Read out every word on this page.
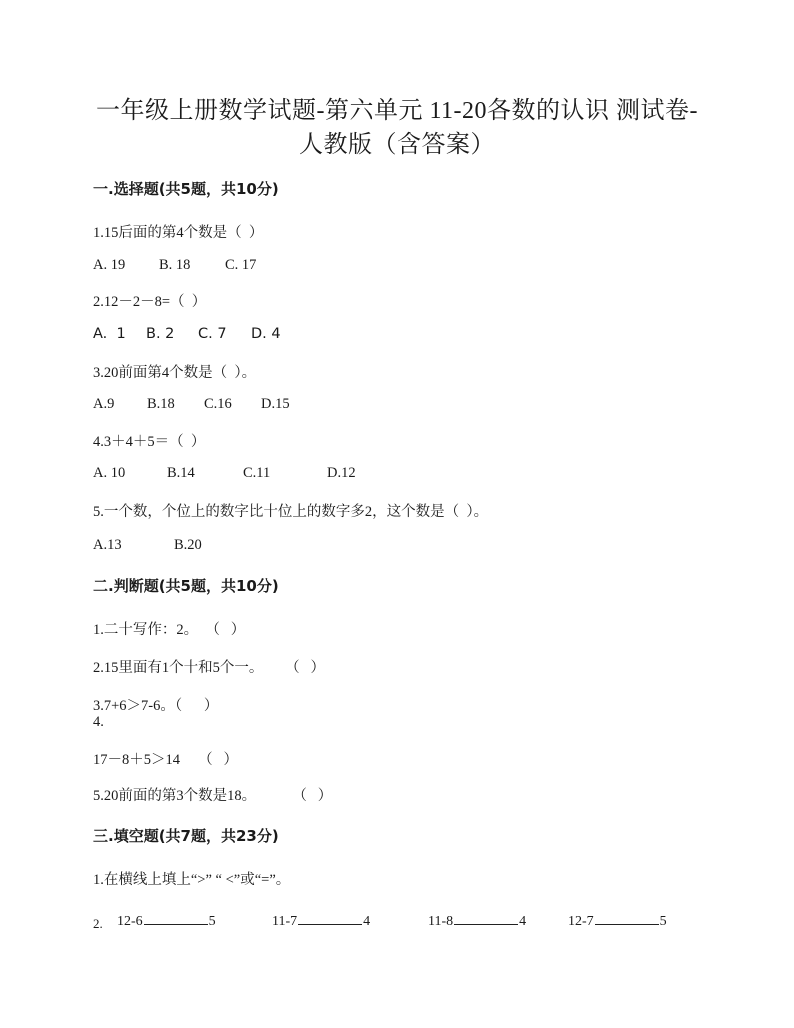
一年级上册数学试题-第六单元 11-20各数的认识 测试卷-
人教版（含答案）
一.选择题(共5题，共10分)
1.15后面的第4个数是（  ）
A. 19 B. 18 C. 17
2.12－2－8=（  ）
A.  1 B. 2 C. 7 D. 4
3.20前面第4个数是（  ）。
A.9 B.18 C.16 D.15
4.3＋4＋5＝（  ）
A. 10	B.14	C.11	D.12
5.一个数，个位上的数字比十位上的数字多2，这个数是（  ）。
A.13	B.20
二.判断题(共5题，共10分)
1.二十写作：2。  （   ）
2.15里面有1个十和5个一。      （   ）
3.7+6＞7-6。（      ）
4.
17－8＋5＞14     （   ）
5.20前面的第3个数是18。          （   ）
三.填空题(共7题，共23分)
1.在横线上填上“>” “ <”或“=”。

12-6	5
	11-7	4
	11-8	4
	12-7	5

2.
